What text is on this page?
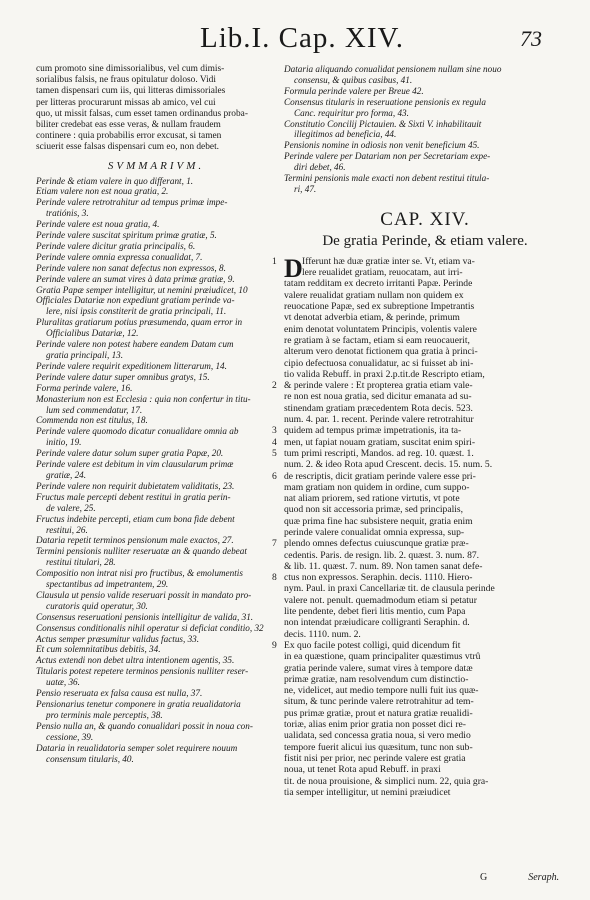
Lib.I. Cap. XIV.	73
cum promoto sine dimissorialibus, vel cum dimis-
sorialibus falsis, ne fraus opitulatur doloso. Vidi
tamen dispensari cum iis, qui litteras dimissoriales
per litteras procurarunt missas ab amico, vel cui
quo, ut missit falsas, cum esset tamen ordinandus proba-
biliter credebat eas esse veras, & nullam fraudem
continere : quia probabilis error excusat, si tamen
sciuerit esse falsas dispensari cum eo, non debet.
SVMMARIVM.
Perinde & etiam valere in quo differant, 1.
Etiam valere non est noua gratia, 2.
Perinde valere retrotrahitur ad tempus primæ impe-
tratiónis, 3.
Perinde valere est noua gratia, 4.
Perinde valere suscitat spiritum primæ gratiæ, 5.
Perinde valere dicitur gratia principalis, 6.
Perinde valere omnia expressa conualidat, 7.
Perinde valere non sanat defectus non expressos, 8.
Perinde valere an sumat vires à data primæ gratiæ, 9.
Gratia Papæ semper intelligitur, ut nemini præiudicet, 10
Officiales Datariæ non expediunt gratiam perinde va-
lere, nisi ipsis constiterit de gratia principali, 11.
Pluralitas gratiarum potius præsumenda, quam error in
Officialibus Datariæ, 12.
Perinde valere non potest habere eandem Datam cum
gratia principali, 13.
Perinde valere requirit expeditionem litterarum, 14.
Perinde valere datur super omnibus gratys, 15.
Forma perinde valere, 16.
Monasterium non est Ecclesia : quia non confertur in titu-
lum sed commendatur, 17.
Commenda non est titulus, 18.
Perinde valere quomodo dicatur conualidare omnia ab
initio, 19.
Perinde valere datur solum super gratia Papæ, 20.
Perinde valere est debitum in vim clausularum primæ
gratiæ, 24.
Perinde valere non requirit dubietatem validitatis, 23.
Fructus male percepti debent restitui in gratia perin-
de valere, 25.
Fructus indebite percepti, etiam cum bona fide debent
restitui, 26.
Dataria repetit terminos pensionum male exactos, 27.
Termini pensionis nulliter reseruatæ an & quando debeat
restitui titulari, 28.
Compositio non intrat nisi pro fructibus, & emolumentis
spectantibus ad impetrantem, 29.
Clausula ut pensio valide reseruari possit in mandato pro-
curatoris quid operatur, 30.
Consensus reseruationi pensionis intelligitur de valida, 31.
Consensus conditionalis nihil operatur si deficiat conditio, 32
Actus semper præsumitur validus factus, 33.
Et cum solemnitatibus debitis, 34.
Actus extendi non debet ultra intentionem agentis, 35.
Titularis potest repetere terminos pensionis nulliter reser-
uatæ, 36.
Pensio reseruata ex falsa causa est nulla, 37.
Pensionarius tenetur componere in gratia reualidatoria
pro terminis male perceptis, 38.
Pensio nulla an, & quando conualidari possit in noua con-
cessione, 39.
Dataria in reualidatoria semper solet requirere nouum
consensum titularis, 40.
Dataria aliquando conualidat pensionem nullam sine nouo
consensu, & quibus casibus, 41.
Formula perinde valere per Breue 42.
Consensus titularis in reseruatione pensionis ex regula
Canc. requiritur pro forma, 43.
Constitutio Concilij Pictauien. & Sixti V. inhabilitauit
illegitimos ad beneficia, 44.
Pensionis nomine in odiosis non venit beneficium 45.
Perinde valere per Datariam non per Secretariam expe-
diri debet, 46.
Termini pensionis male exacti non debent restitui titula-
ri, 47.
CAP. XIV.
De gratia Perinde, & etiam valere.
D Ifferunt hæ duæ gratiæ inter se. Vt, etiam va-
1
lere reualidet gratiam, reuocatam, aut irri-
tatam redditam ex decreto irritanti Papæ. Perinde
valere reualidat gratiam nullam non quidem ex
reuocatione Papæ, sed ex subreptione Impetrantis
vt denotat adverbia etiam, & perinde, primum
enim denotat voluntatem Principis, volentis valere
re gratiam à se factam, etiam si eam reuocauerit,
alterum vero denotat fictionem qua gratia à princi-
cipio defectuosa conualidatur, ac si fuisset ab ini-
tio valida Rebuff. in praxi 2.p.tit.de Rescripto etiam,
& perinde valere : Et propterea gratia etiam vale-
2
re non est noua gratia, sed dicitur emanata ad su-
stinendam gratiam præcedentem Rota decis. 523.
num. 4. par. 1. recent. Perinde valere retrotrahitur
quidem ad tempus primæ impetrationis, ita ta-
3
men, ut fapiat nouam gratiam, suscitat enim spiri-
4
tum primi rescripti, Mandos. ad reg. 10. quæst. 1.
5
num. 2. & ideo Rota apud Crescent. decis. 15. num. 5.
de rescriptis, dicit gratiam perinde valere esse pri-
6
mam gratiam non quidem in ordine, cum suppo-
nat aliam priorem, sed ratione virtutis, vt pote
quod non sit accessoria primæ, sed principalis,
quæ prima fine hac subsistere nequit, gratia enim
perinde valere conualidat omnia expressa, sup-
plendo omnes defectus cuiuscunque gratiæ præ-
7
cedentis. Paris. de resign. lib. 2. quæst. 3. num. 87.
& lib. 11. quæst. 7. num. 89. Non tamen sanat defe-
ctus non expressos. Seraphin. decis. 1110. Hiero-
8
nym. Paul. in praxi Cancellariæ tit. de clausula perinde
valere not. penult. quemadmodum etiam si petatur
lite pendente, debet fieri litis mentio, cum Papa
non intendat præiudicare colligranti Seraphin. d.
decis. 1110. num. 2.
Ex quo facile potest colligi, quid dicendum fit
9
in ea quæstione, quam principaliter quæstimus vtrû
gratia perinde valere, sumat vires à tempore datæ
primæ gratiæ, nam resolvendum cum distinctio-
ne, videlicet, aut medio tempore nulli fuit ius quæ-
situm, & tunc perinde valere retrotrahitur ad tem-
pus primæ gratiæ, prout et natura gratiæ reualidi-
toriæ, alias enim prior gratia non posset dici re-
ualidata, sed concessa gratia noua, si vero medio
tempore fuerit alicui ius quæsitum, tunc non sub-
fistit nisi per prior, nec perinde valere est gratia
noua, ut tenet Rota apud Rebuff. in praxi
tit. de noua prouisione, & simplici num. 22, quia gra-
tia semper intelligitur, ut nemini præiudicet
G	Seraph.
